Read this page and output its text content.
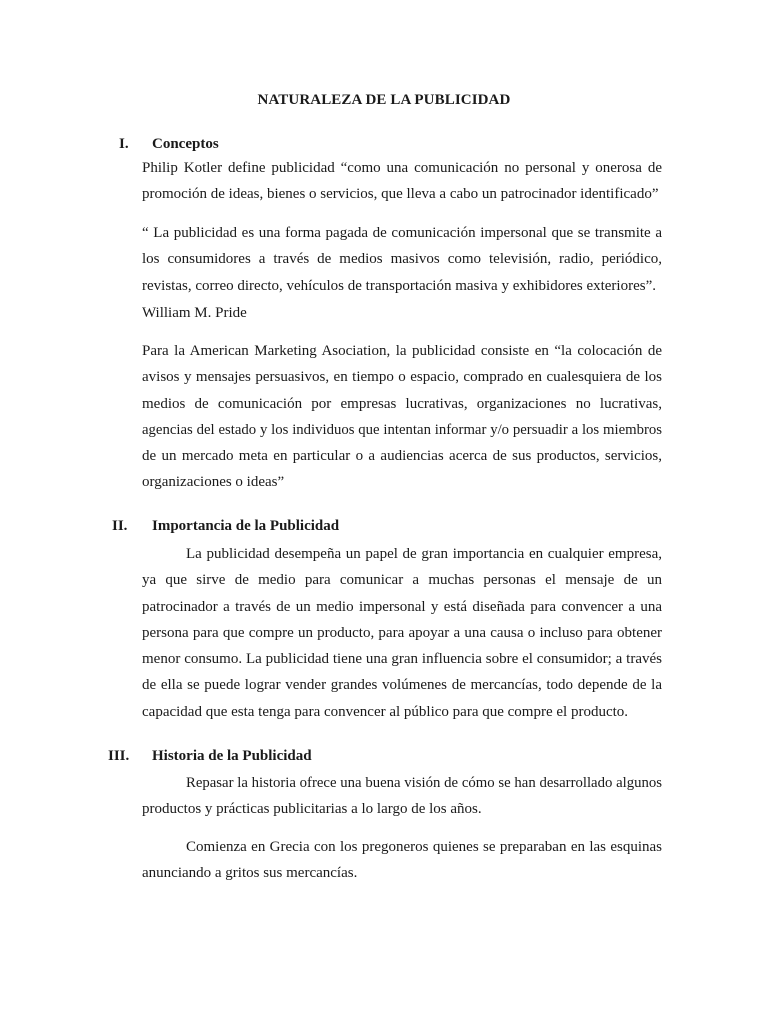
NATURALEZA DE LA PUBLICIDAD
I. Conceptos
Philip Kotler define publicidad “como una comunicación no personal y onerosa de
promoción de ideas, bienes o servicios, que lleva a cabo un patrocinador identificado”
“ La publicidad es una forma pagada de comunicación impersonal que se transmite a
los consumidores a través de medios masivos como televisión, radio, periódico,
revistas, correo directo, vehículos de transportación masiva y exhibidores exteriores”.
William M. Pride
Para la American Marketing Asociation, la publicidad consiste en “la colocación de
avisos y mensajes persuasivos, en tiempo o espacio, comprado en cualesquiera de los
medios de comunicación por empresas lucrativas, organizaciones no lucrativas,
agencias del estado y los individuos que intentan informar y/o persuadir a los miembros
de un mercado meta en particular o a audiencias acerca de sus productos, servicios,
organizaciones o ideas”
II. Importancia de la Publicidad
La publicidad desempeña un papel de gran importancia en cualquier empresa,
ya que sirve de medio para comunicar a muchas personas el mensaje de un
patrocinador a través de un medio impersonal y está diseñada para convencer a una
persona para que compre un producto, para apoyar a una causa o incluso para obtener
menor consumo. La publicidad tiene una gran influencia sobre el consumidor; a través
de ella se puede lograr vender grandes volúmenes de mercancías, todo depende de la
capacidad que esta tenga para convencer al público para que compre el producto.
III. Historia de la Publicidad
Repasar la historia ofrece una buena visión de cómo se han desarrollado algunos
productos y prácticas publicitarias a lo largo de los años.
Comienza en Grecia con los pregoneros quienes se preparaban en las esquinas
anunciando a gritos sus mercancías.
